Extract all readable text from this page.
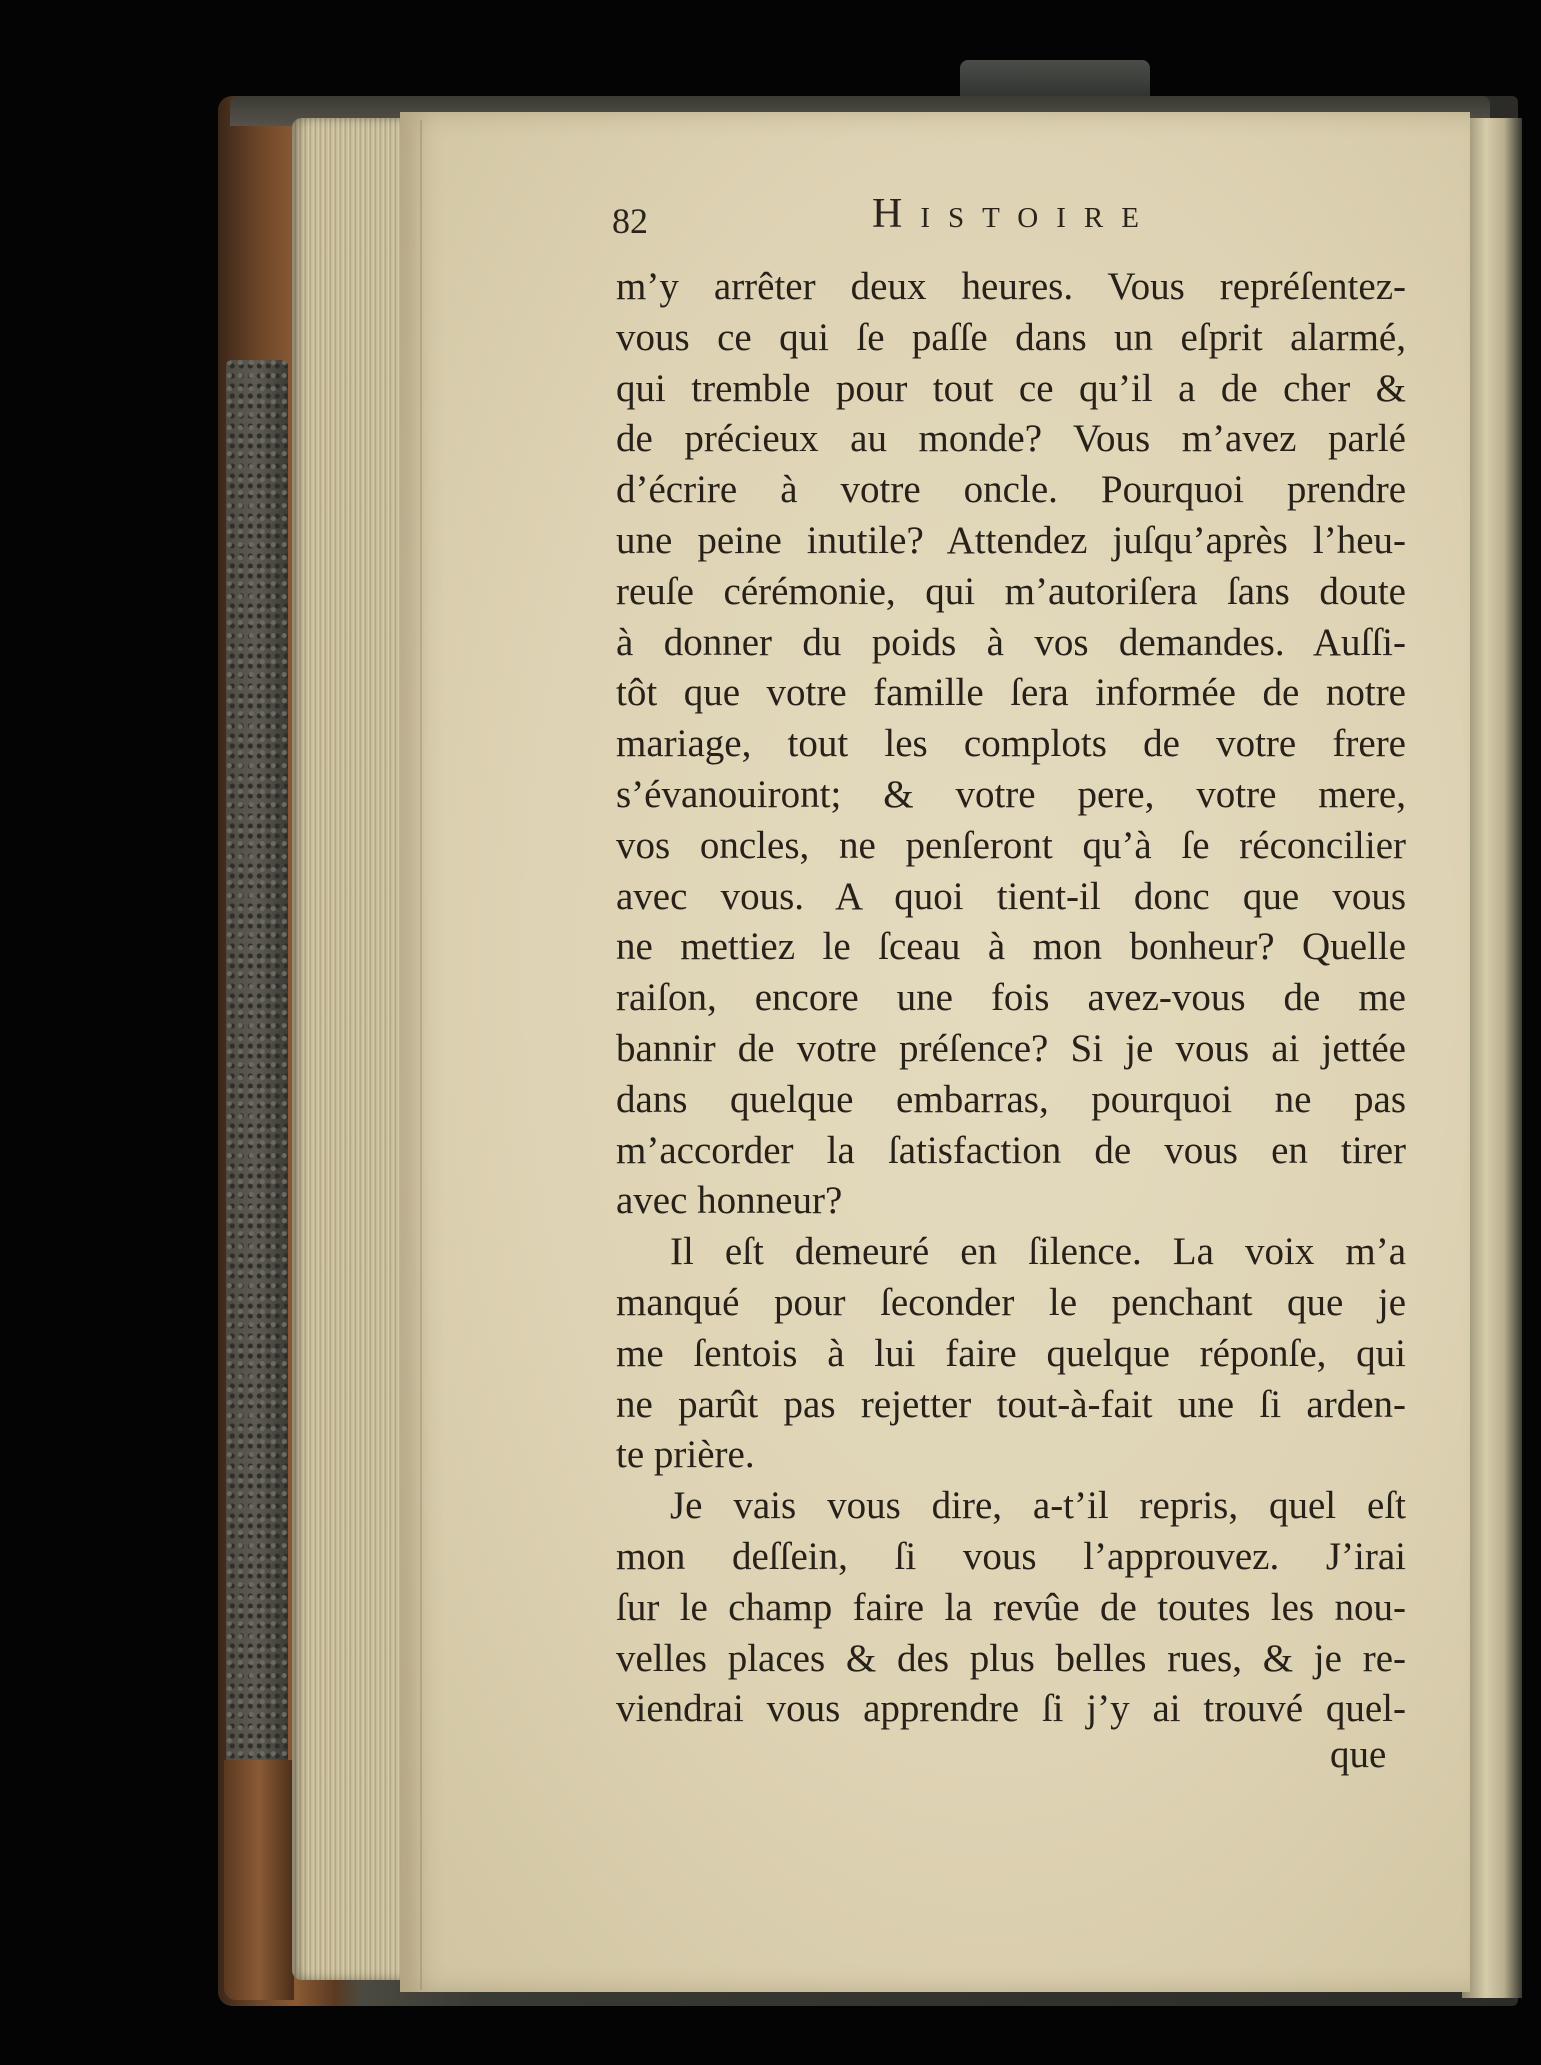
82	Histoire
m’y arrêter deux heures. Vous repréſentez-
vous ce qui ſe paſſe dans un eſprit alarmé,
qui tremble pour tout ce qu’il a de cher &
de précieux au monde? Vous m’avez parlé
d’écrire à votre oncle. Pourquoi prendre
une peine inutile? Attendez juſqu’après l’heu-
reuſe cérémonie, qui m’autoriſera ſans doute
à donner du poids à vos demandes. Auſſi-
tôt que votre famille ſera informée de notre
mariage, tout les complots de votre frere
s’évanouiront; & votre pere, votre mere,
vos oncles, ne penſeront qu’à ſe réconcilier
avec vous. A quoi tient-il donc que vous
ne mettiez le ſceau à mon bonheur? Quelle
raiſon, encore une fois avez-vous de me
bannir de votre préſence? Si je vous ai jettée
dans quelque embarras, pourquoi ne pas
m’accorder la ſatisfaction de vous en tirer
avec honneur?
Il eſt demeuré en ſilence. La voix m’a
manqué pour ſeconder le penchant que je
me ſentois à lui faire quelque réponſe, qui
ne parût pas rejetter tout-à-fait une ſi arden-
te prière.
Je vais vous dire, a-t’il repris, quel eſt
mon deſſein, ſi vous l’approuvez. J’irai
ſur le champ faire la revûe de toutes les nou-
velles places & des plus belles rues, & je re-
viendrai vous apprendre ſi j’y ai trouvé quel-
que
